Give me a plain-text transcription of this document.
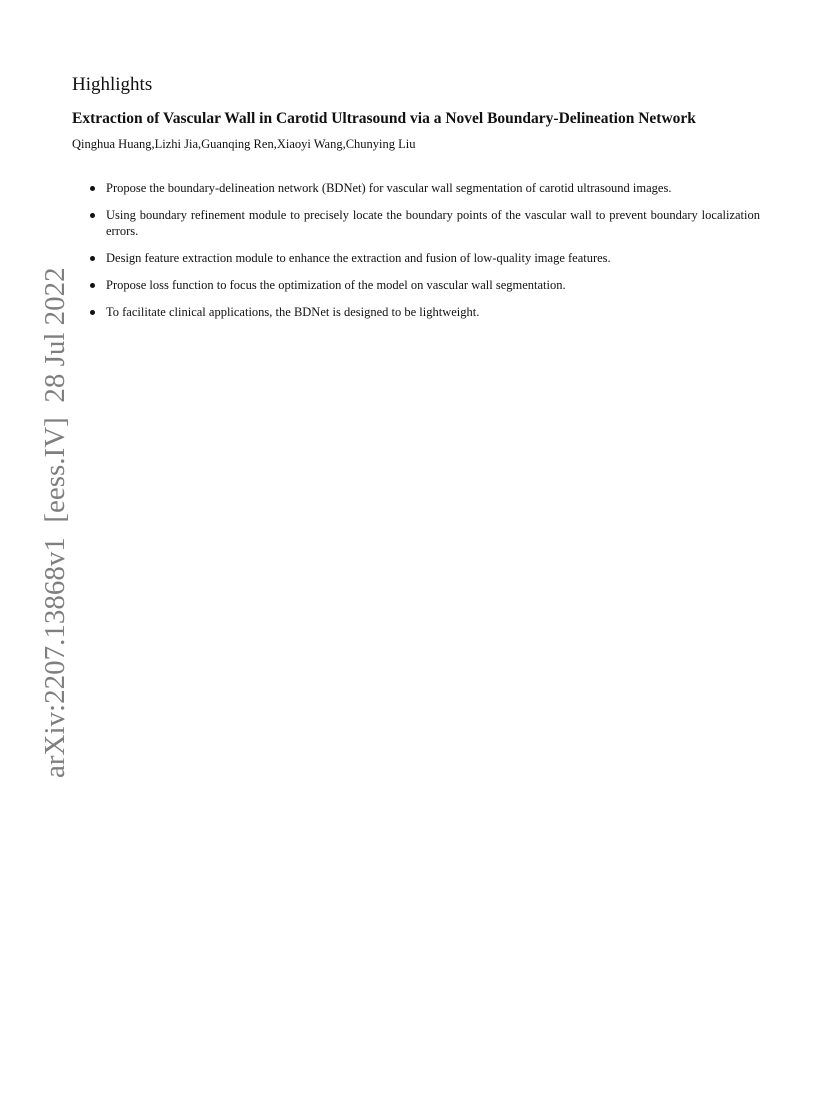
Highlights
Extraction of Vascular Wall in Carotid Ultrasound via a Novel Boundary-Delineation Network

Qinghua Huang,Lizhi Jia,Guanqing Ren,Xiaoyi Wang,Chunying Liu

Propose the boundary-delineation network (BDNet) for vascular wall segmentation of carotid ultrasound images.
Using boundary refinement module to precisely locate the boundary points of the vascular wall to prevent boundary localization errors.
Design feature extraction module to enhance the extraction and fusion of low-quality image features.
Propose loss function to focus the optimization of the model on vascular wall segmentation.
To facilitate clinical applications, the BDNet is designed to be lightweight.
arXiv:2207.13868v1  [eess.IV]  28 Jul 2022
